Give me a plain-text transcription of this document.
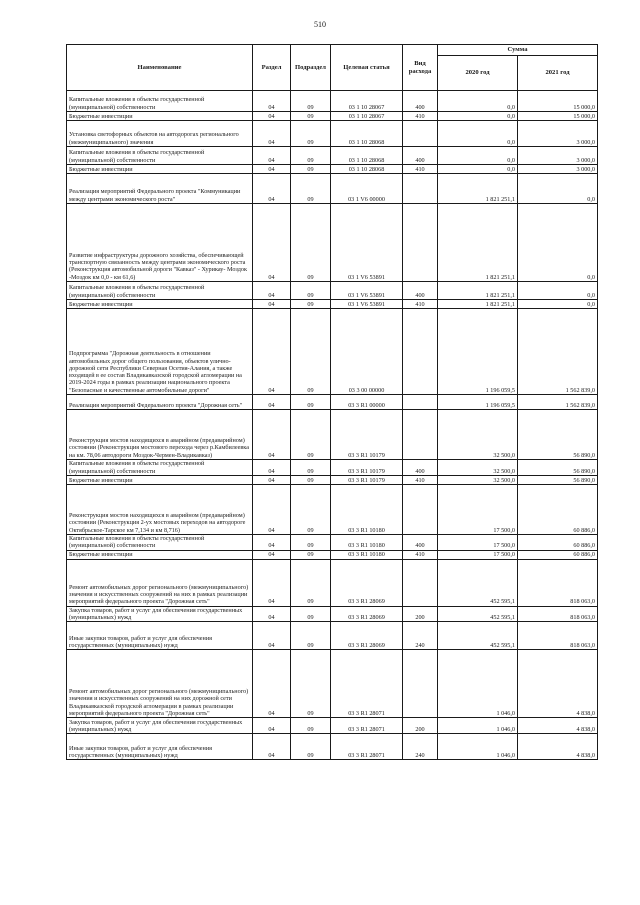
510
Наименование	Раздел	Подраздел	Целевая статья	Вид расхода	Сумма	
					2020 год	2021 год
Капитальные вложения в объекты государственной (муниципальной) собственности	04	09	03 1 10 28067	400	0,0	15 000,0
Бюджетные инвестиции	04	09	03 1 10 28067	410	0,0	15 000,0
Установка светофорных объектов на автодорогах регионального (межмуниципального) значения	04	09	03 1 10 28068		0,0	3 000,0
Капитальные вложения в объекты государственной (муниципальной) собственности	04	09	03 1 10 28068	400	0,0	3 000,0
Бюджетные инвестиции	04	09	03 1 10 28068	410	0,0	3 000,0
Реализация мероприятий Федерального проекта "Коммуникации между центрами экономического роста"	04	09	03 1 V6 00000		1 821 251,1	0,0
Развитие инфраструктуры дорожного хозяйства, обеспечивающей транспортную связанность между центрами экономического роста (Реконструкция автомобильной дороги "Кавказ" - Хурикау- Моздок -Моздок км 0,0 - км 61,6)	04	09	03 1 V6 53891		1 821 251,1	0,0
Капитальные вложения в объекты государственной (муниципальной) собственности	04	09	03 1 V6 53891	400	1 821 251,1	0,0
Бюджетные инвестиции	04	09	03 1 V6 53891	410	1 821 251,1	0,0
Подпрограмма "Дорожная деятельность в отношении автомобильных дорог общего пользования, объектов улично-дорожной сети Республики Северная Осетия-Алания, а также входящей в ее состав Владикавказской городской агломерации на 2019-2024 годы в рамках реализации национального проекта "Безопасные и качественные автомобильные дороги"	04	09	03 3 00 00000		1 196 059,5	1 562 839,0
Реализация мероприятий Федерального проекта "Дорожная сеть"	04	09	03 3 R1 00000		1 196 059,5	1 562 839,0
Реконструкция мостов находящихся в аварийном (предаварийном) состоянии (Реконструкция мостового перехода через р.Камбилеевка на км. 78,06 автодороги Моздок-Чермен-Владикавказ)	04	09	03 3 R1 10179		32 500,0	56 890,0
Капитальные вложения в объекты государственной (муниципальной) собственности	04	09	03 3 R1 10179	400	32 500,0	56 890,0
Бюджетные инвестиции	04	09	03 3 R1 10179	410	32 500,0	56 890,0
Реконструкция мостов находящихся в аварийном (предаварийном) состоянии (Реконструкция 2-ух мостовых переходов на автодороге Октябрьское-Тарское км 7,134 и км 8,716)	04	09	03 3 R1 10180		17 500,0	60 886,0
Капитальные вложения в объекты государственной (муниципальной) собственности	04	09	03 3 R1 10180	400	17 500,0	60 886,0
Бюджетные инвестиции	04	09	03 3 R1 10180	410	17 500,0	60 886,0
Ремонт автомобильных дорог регионального (межмуниципального) значения и искусственных сооружений на них в рамках реализации мероприятий федерального проекта "Дорожная сеть"	04	09	03 3 R1 28069		452 595,1	818 063,0
Закупка товаров, работ и услуг для обеспечения государственных (муниципальных) нужд	04	09	03 3 R1 28069	200	452 595,1	818 063,0
Иные закупки товаров, работ и услуг для обеспечения государственных (муниципальных) нужд	04	09	03 3 R1 28069	240	452 595,1	818 063,0
Ремонт автомобильных дорог регионального (межмуниципального) значения и искусственных сооружений на них дорожной сети Владикавказской городской агломерации в рамках реализации мероприятий федерального проекта "Дорожная сеть"	04	09	03 3 R1 28071		1 046,0	4 838,0
Закупка товаров, работ и услуг для обеспечения государственных (муниципальных) нужд	04	09	03 3 R1 28071	200	1 046,0	4 838,0
Иные закупки товаров, работ и услуг для обеспечения государственных (муниципальных) нужд	04	09	03 3 R1 28071	240	1 046,0	4 838,0
